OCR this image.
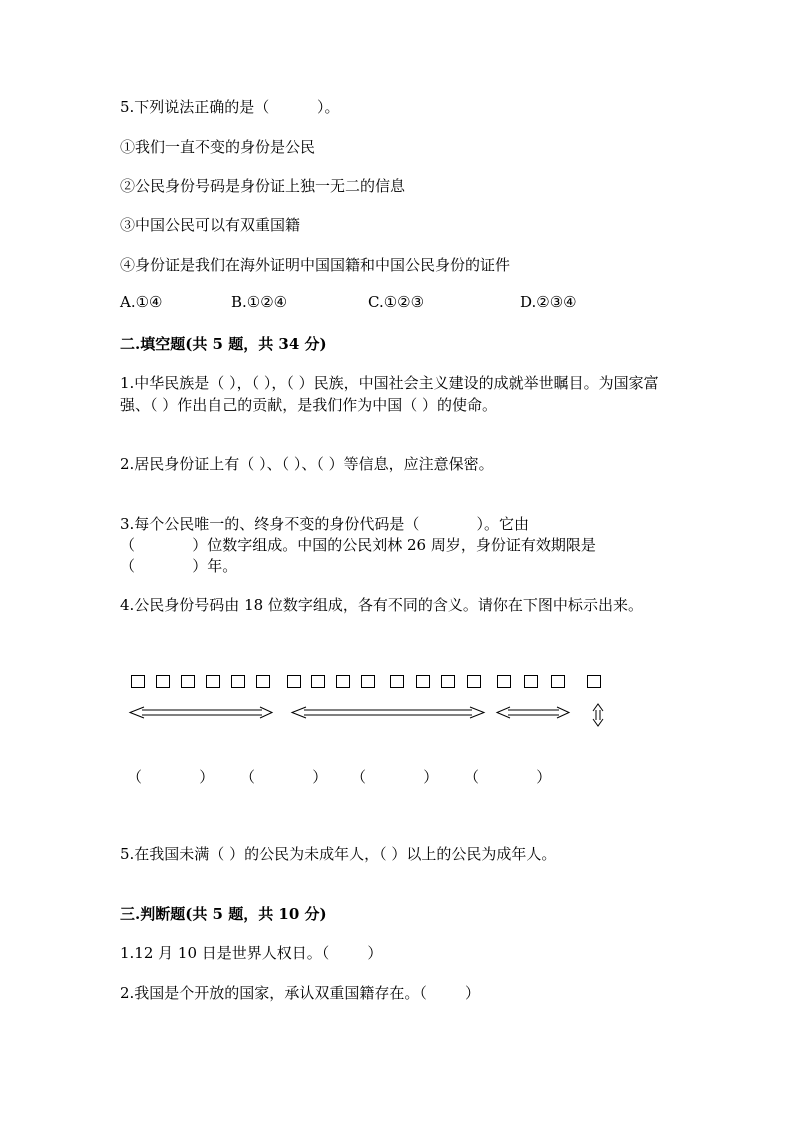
5.下列说法正确的是（          ）。
①我们一直不变的身份是公民
②公民身份号码是身份证上独一无二的信息
③中国公民可以有双重国籍
④身份证是我们在海外证明中国国籍和中国公民身份的证件
A.①④	B.①②④	C.①②③	D.②③④
二.填空题(共 5 题，共 34 分)
1.中华民族是（ ），（ ），（ ）民族，中国社会主义建设的成就举世瞩目。为国家富强、（ ）作出自己的贡献，是我们作为中国（ ）的使命。
2.居民身份证上有（ ）、（ ）、（ ）等信息，应注意保密。
3.每个公民唯一的、终身不变的身份代码是（            ）。它由
（            ）位数字组成。中国的公民刘林 26 周岁，身份证有效期限是
（            ）年。
4.公民身份号码由 18 位数字组成，各有不同的含义。请你在下图中标示出来。
（            ） （            ） （            ） （            ）
5.在我国未满（ ）的公民为未成年人，（ ）以上的公民为成年人。
三.判断题(共 5 题，共 10 分)
1.12 月 10 日是世界人权日。（        ）
2.我国是个开放的国家，承认双重国籍存在。（        ）
